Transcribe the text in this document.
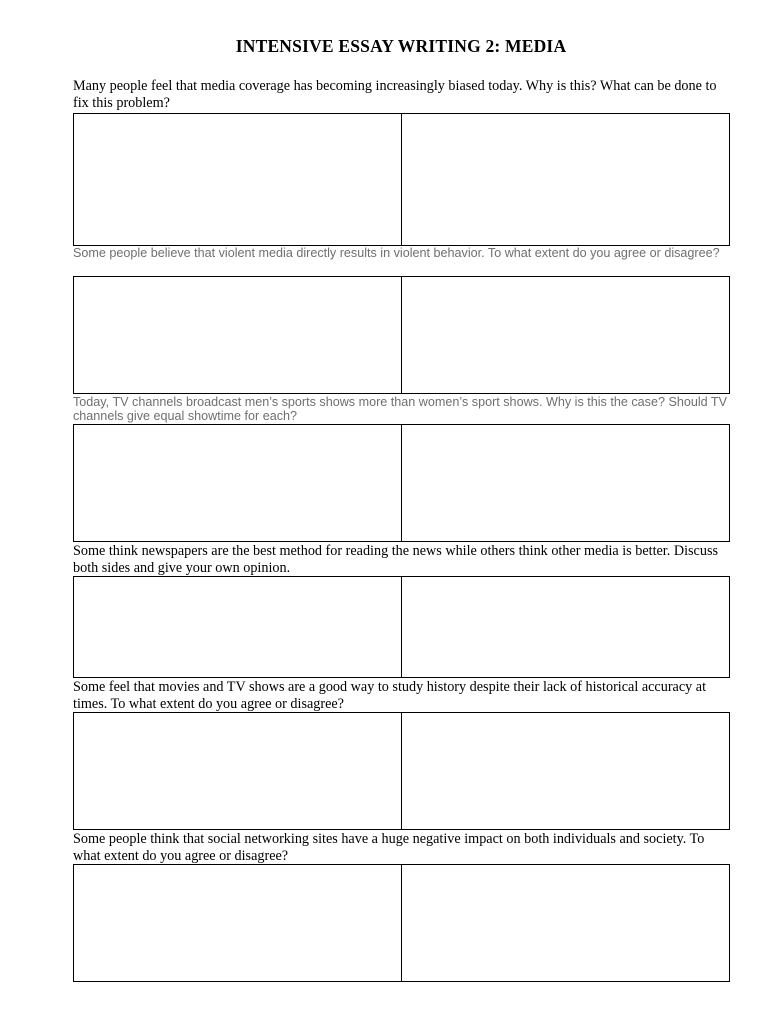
INTENSIVE ESSAY WRITING 2: MEDIA

Many people feel that media coverage has becoming increasingly biased today. Why is this? What can be done to fix this problem?

Some people believe that violent media directly results in violent behavior. To what extent do you agree or disagree?

Today, TV channels broadcast men’s sports shows more than women’s sport shows. Why is this the case? Should TV channels give equal showtime for each?

Some think newspapers are the best method for reading the news while others think other media is better. Discuss both sides and give your own opinion.

Some feel that movies and TV shows are a good way to study history despite their lack of historical accuracy at times. To what extent do you agree or disagree?

Some people think that social networking sites have a huge negative impact on both individuals and society. To what extent do you agree or disagree?
